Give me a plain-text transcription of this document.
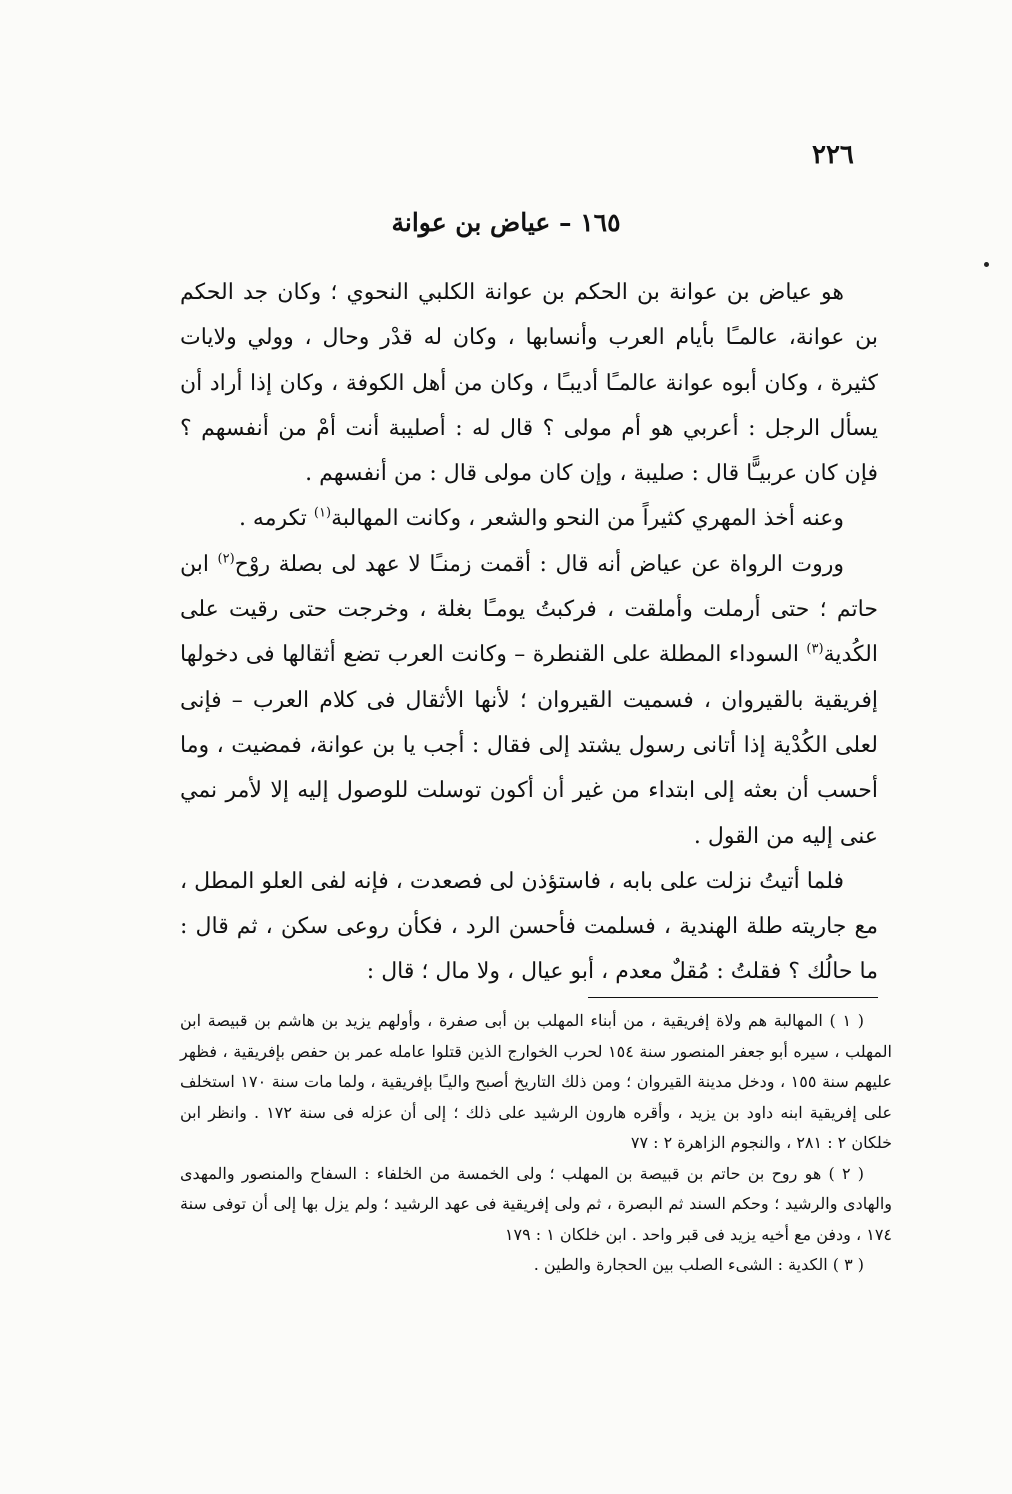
٢٢٦
١٦٥ – عياض بن عوانة

هو عياض بن عوانة بن الحكم بن عوانة الكلبي النحوي ؛ وكان جد الحكم بن عوانة، عالمـًا بأيام العرب وأنسابها ، وكان له قدْر وحال ، وولي ولايات كثيرة ، وكان أبوه عوانة عالمـًا أديبـًا ، وكان من أهل الكوفة ، وكان إذا أراد أن يسأل الرجل : أعربي هو أم مولى ؟ قال له : أصليبة أنت أمْ من أنفسهم ؟ فإن كان عربيـًّا قال : صليبة ، وإن كان مولى قال : من أنفسهم .

وعنه أخذ المهري كثيراً من النحو والشعر ، وكانت المهالبة$^{(١)}$ تكرمه .

وروت الرواة عن عياض أنه قال : أقمت زمنـًا لا عهد لى بصلة روْح$^{(٢)}$ ابن حاتم ؛ حتى أرملت وأملقت ، فركبتُ يومـًا بغلة ، وخرجت حتى رقيت على الكُدية$^{(٣)}$ السوداء المطلة على القنطرة – وكانت العرب تضع أثقالها فى دخولها إفريقية بالقيروان ، فسميت القيروان ؛ لأنها الأثقال فى كلام العرب – فإنى لعلى الكُدْية إذا أتانى رسول يشتد إلى فقال : أجب يا بن عوانة، فمضيت ، وما أحسب أن بعثه إلى ابتداء من غير أن أكون توسلت للوصول إليه إلا لأمر نمي عنى إليه من القول .

فلما أتيتُ نزلت على بابه ، فاستؤذن لى فصعدت ، فإنه لفى العلو المطل ، مع جاريته طلة الهندية ، فسلمت فأحسن الرد ، فكأن روعى سكن ، ثم قال : ما حالُك ؟ فقلتُ : مُقلٌ معدم ، أبو عيال ، ولا مال ؛ قال :

( ١ ) المهالبة هم ولاة إفريقية ، من أبناء المهلب بن أبى صفرة ، وأولهم يزيد بن هاشم بن قبيصة ابن المهلب ، سيره أبو جعفر المنصور سنة ١٥٤ لحرب الخوارج الذين قتلوا عامله عمر بن حفص بإفريقية ، فظهر عليهم سنة ١٥٥ ، ودخل مدينة القيروان ؛ ومن ذلك التاريخ أصبح واليـًا بإفريقية ، ولما مات سنة ١٧٠ استخلف على إفريقية ابنه داود بن يزيد ، وأقره هارون الرشيد على ذلك ؛ إلى أن عزله فى سنة ١٧٢ . وانظر ابن خلكان ٢ : ٢٨١ ، والنجوم الزاهرة ٢ : ٧٧

( ٢ ) هو روح بن حاتم بن قبيصة بن المهلب ؛ ولى الخمسة من الخلفاء : السفاح والمنصور والمهدى والهادى والرشيد ؛ وحكم السند ثم البصرة ، ثم ولى إفريقية فى عهد الرشيد ؛ ولم يزل بها إلى أن توفى سنة ١٧٤ ، ودفن مع أخيه يزيد فى قبر واحد . ابن خلكان ١ : ١٧٩

( ٣ ) الكدية : الشىء الصلب بين الحجارة والطين .
